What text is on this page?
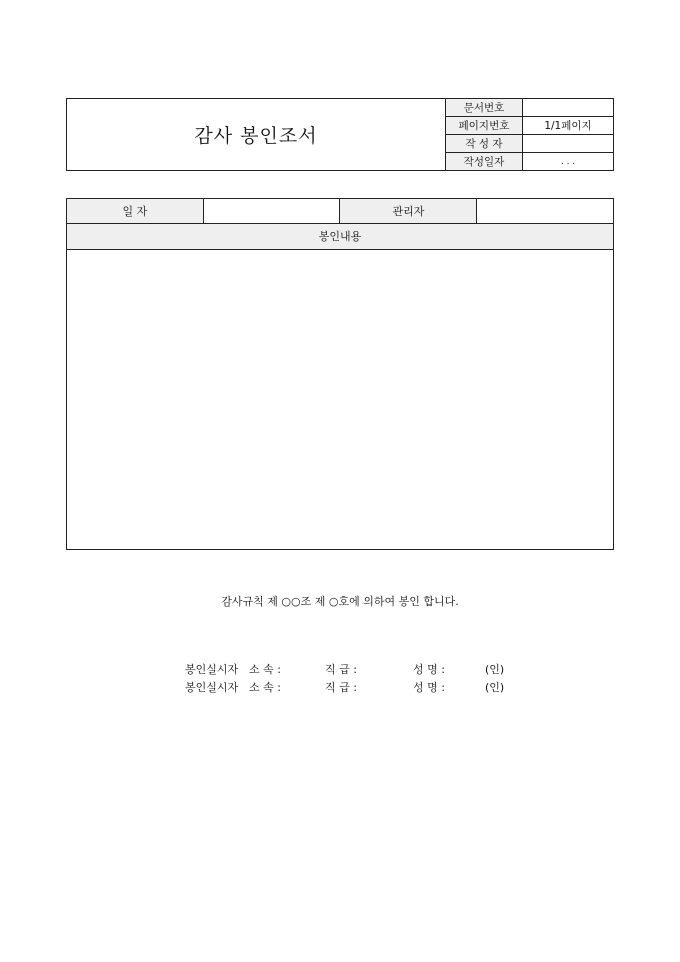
감사 봉인조서	문서번호	
	페이지번호	1/1페이지
	작 성 자	
	작성일자	. . .
일 자		관리자	
봉인내용

감사규칙 제 ○○조 제 ○호에 의하여 봉인 합니다.

봉인실시자 소 속 :	직 급 :	성 명 :	(인)

봉인실시자 소 속 :	직 급 :	성 명 :	(인)
